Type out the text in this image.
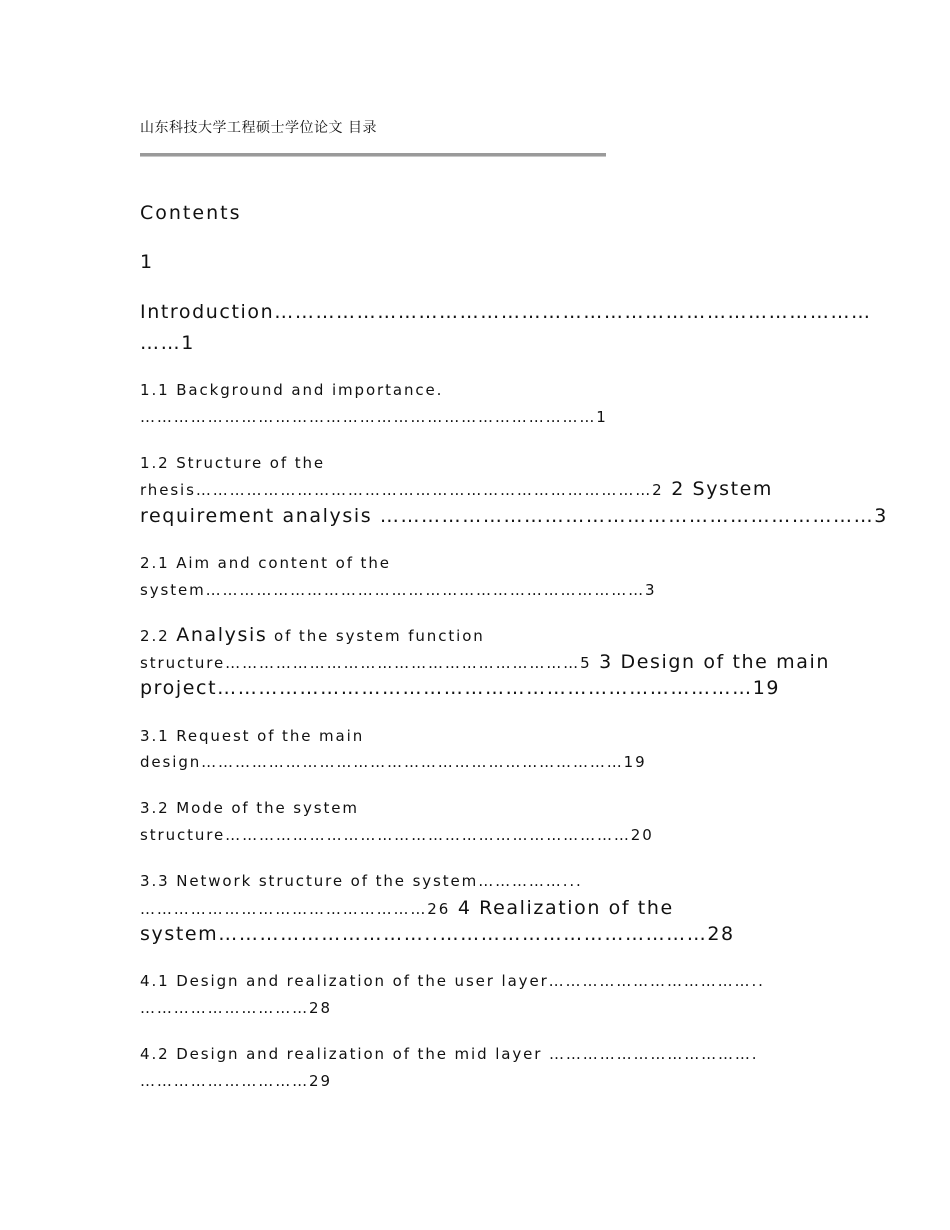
山东科技大学工程硕士学位论文 目录
Contents
1
Introduction……………………………………………………………………………
……1
1.1 Background and importance.
………………………………………………………………………1
1.2 Structure of the
rhesis………………………………………………………………………2 2 System
requirement analysis ………………………………………………………………3
2.1 Aim and content of the
system……………………………………………………………………3
2.2 Analysis of the system function
structure………………………………………………………5 3 Design of the main
project……………………………………………………………………19
3.1 Request of the main
design…………………………………………………………………19
3.2 Mode of the system
structure………………………………………………………………20
3.3 Network structure of the system……………...
……………………………………………26 4 Realization of the
system…………………………..…………………………………28
4.1 Design and realization of the user layer………………………………..
…………………………28
4.2 Design and realization of the mid layer ……………………………….
…………………………29
